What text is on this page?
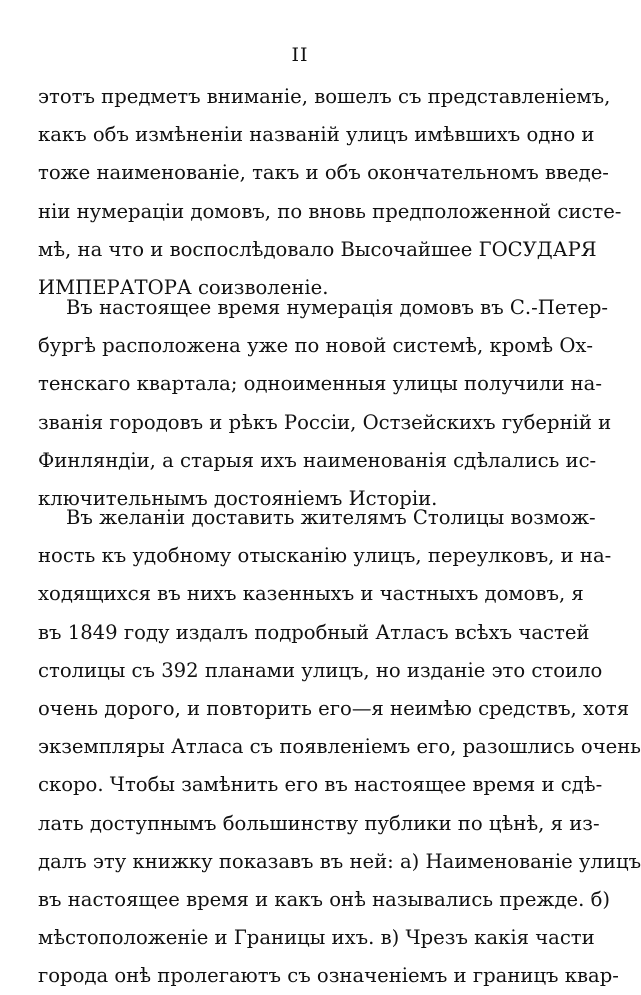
II
этотъ предметъ вниманіе, вошелъ съ представленіемъ,
какъ объ измѣненіи названій улицъ имѣвшихъ одно и
тоже наименованіе, такъ и объ окончательномъ введе-
ніи нумераціи домовъ, по вновь предположенной систе-
мѣ, на что и воспослѣдовало Высочайшее ГОСУДАРЯ
ИМПЕРАТОРА соизволеніе.
Въ настоящее время нумерація домовъ въ С.-Петер-
бургѣ расположена уже по новой системѣ, кромѣ Ох-
тенскаго квартала; одноименныя улицы получили на-
званія городовъ и рѣкъ Россіи, Остзейскихъ губерній и
Финляндіи, а старыя ихъ наименованія сдѣлались ис-
ключительнымъ достояніемъ Исторіи.
Въ желаніи доставить жителямъ Столицы возмож-
ность къ удобному отысканію улицъ, переулковъ, и на-
ходящихся въ нихъ казенныхъ и частныхъ домовъ, я
въ 1849 году издалъ подробный Атласъ всѣхъ частей
столицы съ 392 планами улицъ, но изданіе это стоило
очень дорого, и повторить его—я неимѣю средствъ, хотя
экземпляры Атласа съ появленіемъ его, разошлись очень
скоро. Чтобы замѣнить его въ настоящее время и сдѣ-
лать доступнымъ большинству публики по цѣнѣ, я из-
далъ эту книжку показавъ въ ней: а) Наименованіе улицъ
въ настоящее время и какъ онѣ назывались прежде. б)
мѣстоположеніе и Границы ихъ. в) Чрезъ какія части
города онѣ пролегаютъ съ означеніемъ и границъ квар-
